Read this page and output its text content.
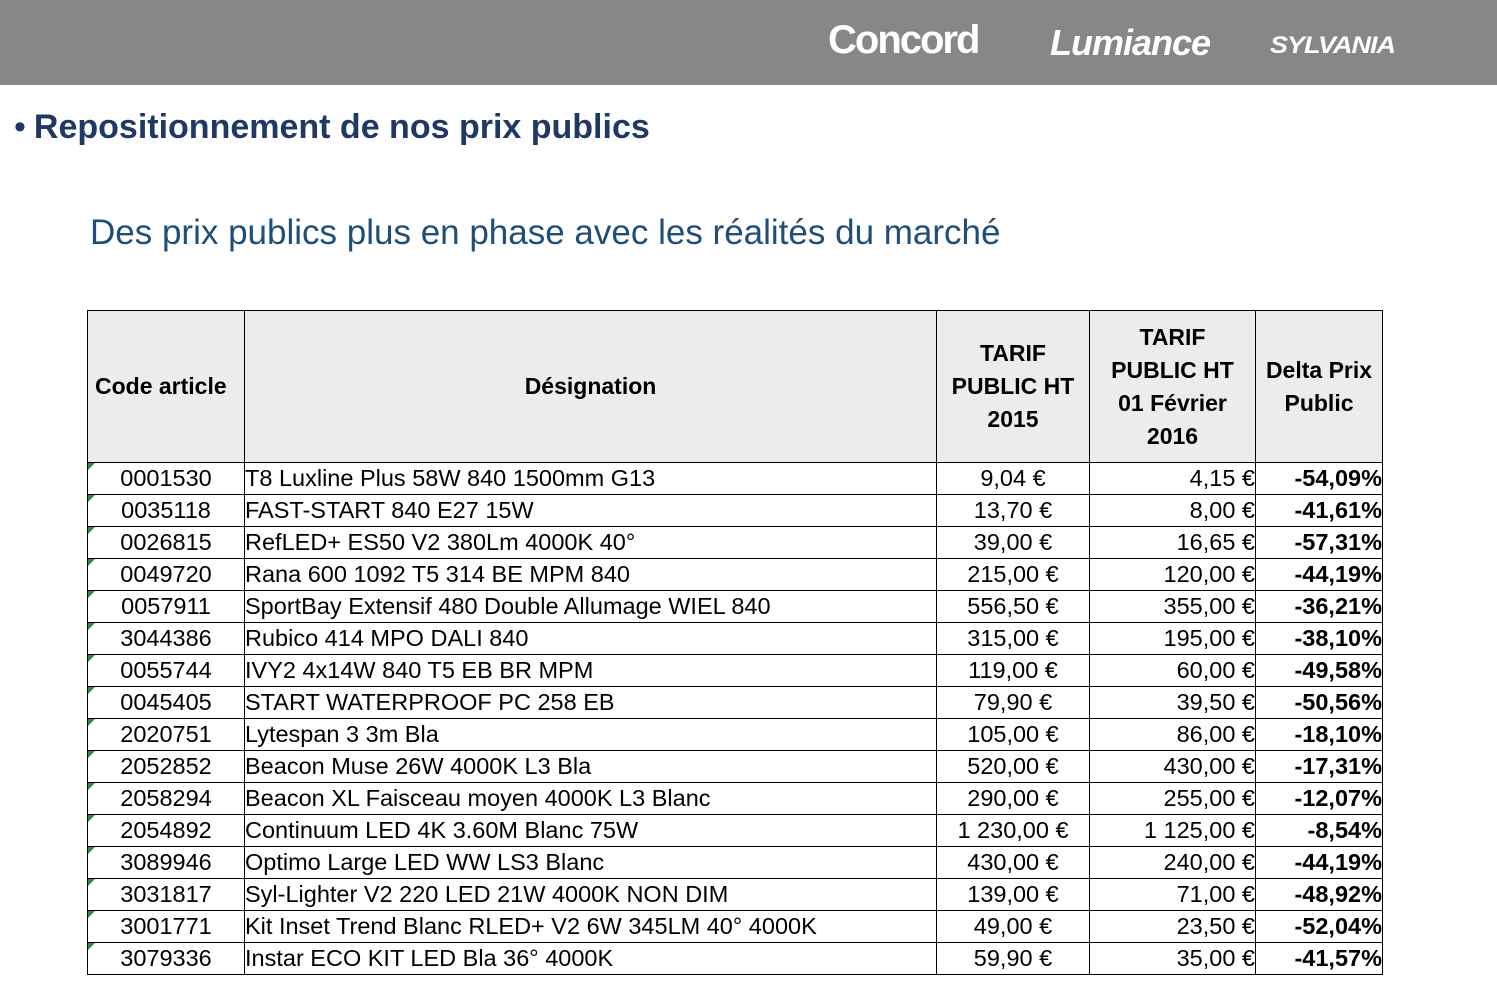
Concord Lumiance SYLVANIA
• Repositionnement de nos prix publics
Des prix publics plus en phase avec les réalités du marché
Code article	Désignation	TARIF
PUBLIC HT
2015	TARIF
PUBLIC HT
01 Février
2016	Delta Prix
Public
0001530	T8 Luxline Plus 58W 840 1500mm G13	9,04 €	4,15 €	-54,09%
0035118	FAST-START 840 E27 15W	13,70 €	8,00 €	-41,61%
0026815	RefLED+ ES50 V2 380Lm 4000K 40°	39,00 €	16,65 €	-57,31%
0049720	Rana 600 1092 T5 314 BE MPM 840	215,00 €	120,00 €	-44,19%
0057911	SportBay Extensif 480 Double Allumage WIEL 840	556,50 €	355,00 €	-36,21%
3044386	Rubico 414 MPO DALI 840	315,00 €	195,00 €	-38,10%
0055744	IVY2 4x14W 840 T5 EB BR MPM	119,00 €	60,00 €	-49,58%
0045405	START WATERPROOF PC 258 EB	79,90 €	39,50 €	-50,56%
2020751	Lytespan 3 3m Bla	105,00 €	86,00 €	-18,10%
2052852	Beacon Muse 26W 4000K L3 Bla	520,00 €	430,00 €	-17,31%
2058294	Beacon XL Faisceau moyen 4000K L3 Blanc	290,00 €	255,00 €	-12,07%
2054892	Continuum LED 4K 3.60M Blanc 75W	1 230,00 €	1 125,00 €	-8,54%
3089946	Optimo Large LED WW LS3 Blanc	430,00 €	240,00 €	-44,19%
3031817	Syl-Lighter V2 220 LED 21W 4000K NON DIM	139,00 €	71,00 €	-48,92%
3001771	Kit Inset Trend Blanc RLED+ V2 6W 345LM 40° 4000K	49,00 €	23,50 €	-52,04%
3079336	Instar ECO KIT LED Bla 36° 4000K	59,90 €	35,00 €	-41,57%
